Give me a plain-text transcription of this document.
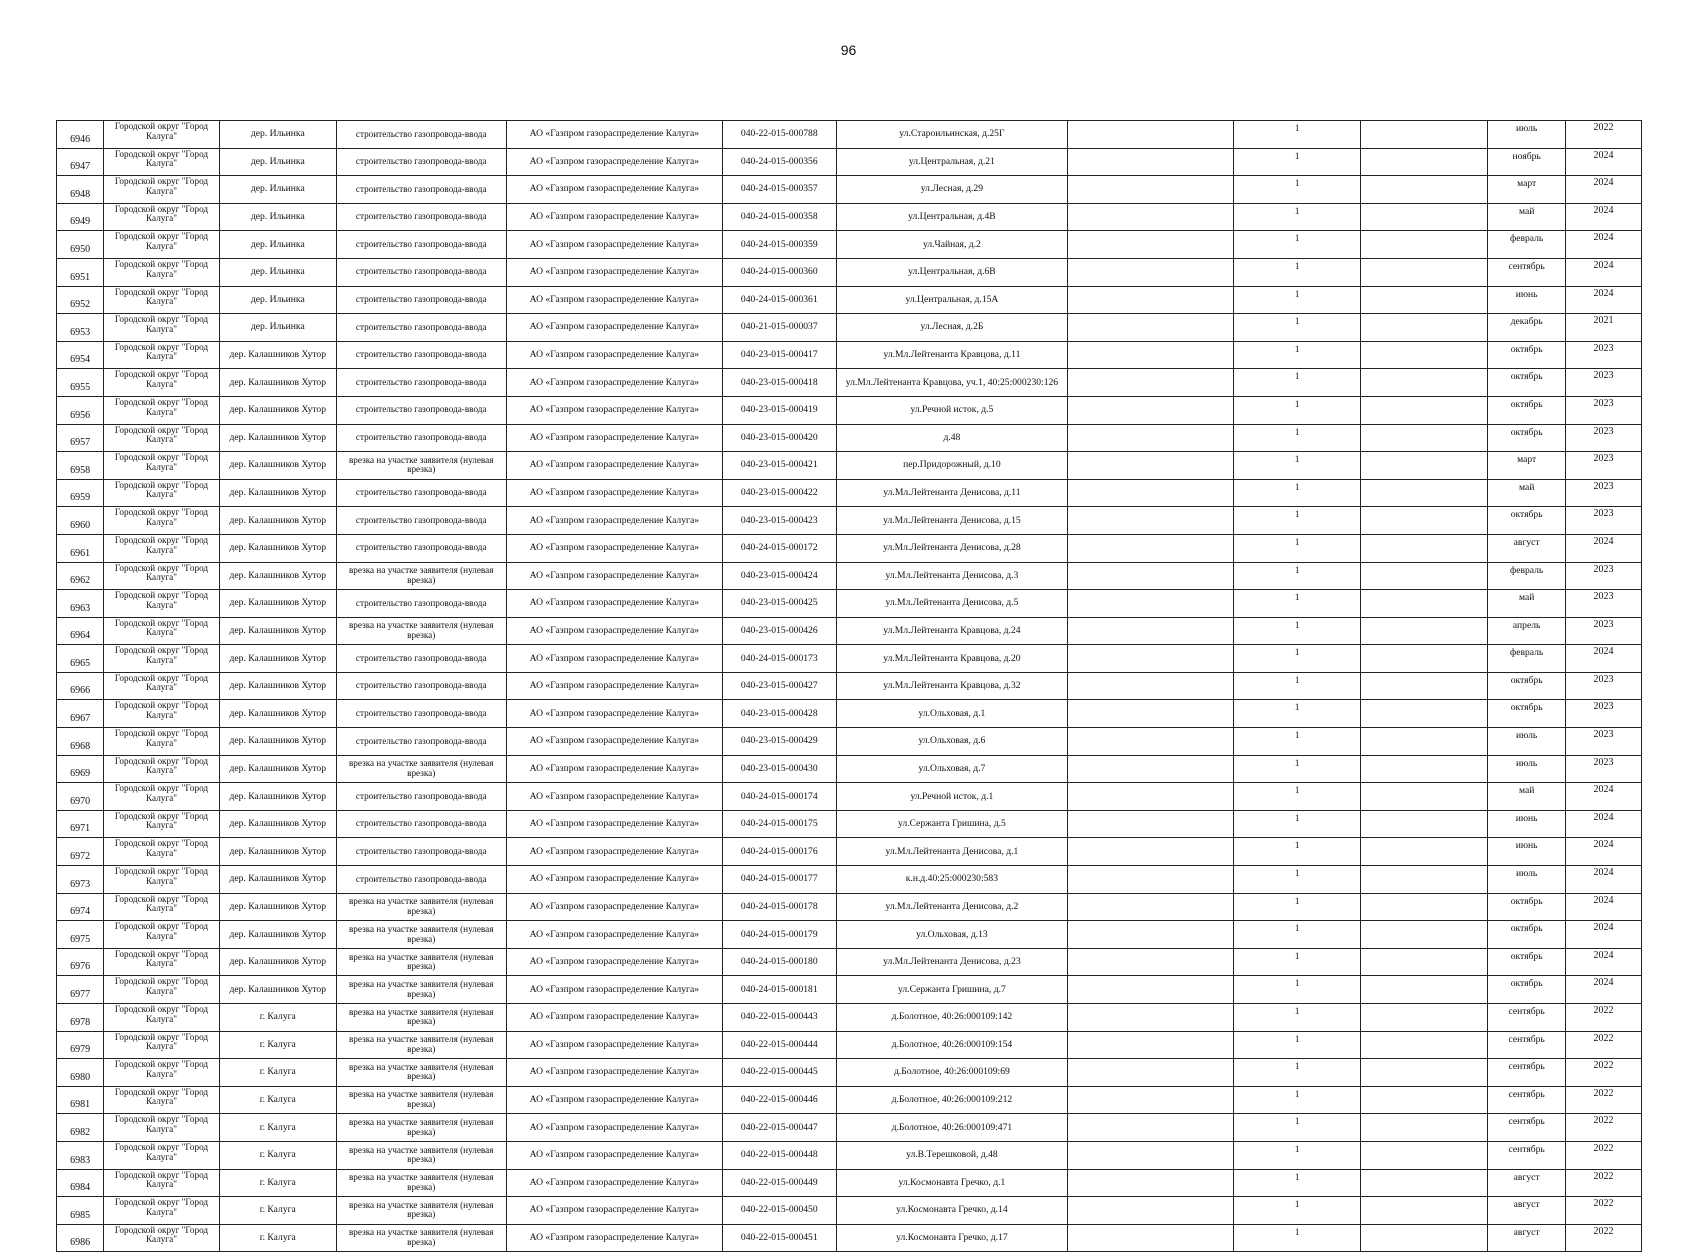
96
6946	Городской округ "Город Калуга"	дер. Ильинка	строительство газопровода-ввода	АО «Газпром газораспределение Калуга»	040-22-015-000788	ул.Староильинская, д.25Г		1		июль	2022
6947	Городской округ "Город Калуга"	дер. Ильинка	строительство газопровода-ввода	АО «Газпром газораспределение Калуга»	040-24-015-000356	ул.Центральная, д.21		1		ноябрь	2024
6948	Городской округ "Город Калуга"	дер. Ильинка	строительство газопровода-ввода	АО «Газпром газораспределение Калуга»	040-24-015-000357	ул.Лесная, д.29		1		март	2024
6949	Городской округ "Город Калуга"	дер. Ильинка	строительство газопровода-ввода	АО «Газпром газораспределение Калуга»	040-24-015-000358	ул.Центральная, д.4В		1		май	2024
6950	Городской округ "Город Калуга"	дер. Ильинка	строительство газопровода-ввода	АО «Газпром газораспределение Калуга»	040-24-015-000359	ул.Чайная, д.2		1		февраль	2024
6951	Городской округ "Город Калуга"	дер. Ильинка	строительство газопровода-ввода	АО «Газпром газораспределение Калуга»	040-24-015-000360	ул.Центральная, д.6В		1		сентябрь	2024
6952	Городской округ "Город Калуга"	дер. Ильинка	строительство газопровода-ввода	АО «Газпром газораспределение Калуга»	040-24-015-000361	ул.Центральная, д.15А		1		июнь	2024
6953	Городской округ "Город Калуга"	дер. Ильинка	строительство газопровода-ввода	АО «Газпром газораспределение Калуга»	040-21-015-000037	ул.Лесная, д.2Б		1		декабрь	2021
6954	Городской округ "Город Калуга"	дер. Калашников Хутор	строительство газопровода-ввода	АО «Газпром газораспределение Калуга»	040-23-015-000417	ул.Мл.Лейтенанта Кравцова, д.11		1		октябрь	2023
6955	Городской округ "Город Калуга"	дер. Калашников Хутор	строительство газопровода-ввода	АО «Газпром газораспределение Калуга»	040-23-015-000418	ул.Мл.Лейтенанта Кравцова, уч.1, 40:25:000230:126		1		октябрь	2023
6956	Городской округ "Город Калуга"	дер. Калашников Хутор	строительство газопровода-ввода	АО «Газпром газораспределение Калуга»	040-23-015-000419	ул.Речной исток, д.5		1		октябрь	2023
6957	Городской округ "Город Калуга"	дер. Калашников Хутор	строительство газопровода-ввода	АО «Газпром газораспределение Калуга»	040-23-015-000420	д.48		1		октябрь	2023
6958	Городской округ "Город Калуга"	дер. Калашников Хутор	врезка на участке заявителя (нулевая врезка)	АО «Газпром газораспределение Калуга»	040-23-015-000421	пер.Придорожный, д.10		1		март	2023
6959	Городской округ "Город Калуга"	дер. Калашников Хутор	строительство газопровода-ввода	АО «Газпром газораспределение Калуга»	040-23-015-000422	ул.Мл.Лейтенанта Денисова, д.11		1		май	2023
6960	Городской округ "Город Калуга"	дер. Калашников Хутор	строительство газопровода-ввода	АО «Газпром газораспределение Калуга»	040-23-015-000423	ул.Мл.Лейтенанта Денисова, д.15		1		октябрь	2023
6961	Городской округ "Город Калуга"	дер. Калашников Хутор	строительство газопровода-ввода	АО «Газпром газораспределение Калуга»	040-24-015-000172	ул.Мл.Лейтенанта Денисова, д.28		1		август	2024
6962	Городской округ "Город Калуга"	дер. Калашников Хутор	врезка на участке заявителя (нулевая врезка)	АО «Газпром газораспределение Калуга»	040-23-015-000424	ул.Мл.Лейтенанта Денисова, д.3		1		февраль	2023
6963	Городской округ "Город Калуга"	дер. Калашников Хутор	строительство газопровода-ввода	АО «Газпром газораспределение Калуга»	040-23-015-000425	ул.Мл.Лейтенанта Денисова, д.5		1		май	2023
6964	Городской округ "Город Калуга"	дер. Калашников Хутор	врезка на участке заявителя (нулевая врезка)	АО «Газпром газораспределение Калуга»	040-23-015-000426	ул.Мл.Лейтенанта Кравцова, д.24		1		апрель	2023
6965	Городской округ "Город Калуга"	дер. Калашников Хутор	строительство газопровода-ввода	АО «Газпром газораспределение Калуга»	040-24-015-000173	ул.Мл.Лейтенанта Кравцова, д.20		1		февраль	2024
6966	Городской округ "Город Калуга"	дер. Калашников Хутор	строительство газопровода-ввода	АО «Газпром газораспределение Калуга»	040-23-015-000427	ул.Мл.Лейтенанта Кравцова, д.32		1		октябрь	2023
6967	Городской округ "Город Калуга"	дер. Калашников Хутор	строительство газопровода-ввода	АО «Газпром газораспределение Калуга»	040-23-015-000428	ул.Ольховая, д.1		1		октябрь	2023
6968	Городской округ "Город Калуга"	дер. Калашников Хутор	строительство газопровода-ввода	АО «Газпром газораспределение Калуга»	040-23-015-000429	ул.Ольховая, д.6		1		июль	2023
6969	Городской округ "Город Калуга"	дер. Калашников Хутор	врезка на участке заявителя (нулевая врезка)	АО «Газпром газораспределение Калуга»	040-23-015-000430	ул.Ольховая, д.7		1		июль	2023
6970	Городской округ "Город Калуга"	дер. Калашников Хутор	строительство газопровода-ввода	АО «Газпром газораспределение Калуга»	040-24-015-000174	ул.Речной исток, д.1		1		май	2024
6971	Городской округ "Город Калуга"	дер. Калашников Хутор	строительство газопровода-ввода	АО «Газпром газораспределение Калуга»	040-24-015-000175	ул.Сержанта Гришина, д.5		1		июнь	2024
6972	Городской округ "Город Калуга"	дер. Калашников Хутор	строительство газопровода-ввода	АО «Газпром газораспределение Калуга»	040-24-015-000176	ул.Мл.Лейтенанта Денисова, д.1		1		июнь	2024
6973	Городской округ "Город Калуга"	дер. Калашников Хутор	строительство газопровода-ввода	АО «Газпром газораспределение Калуга»	040-24-015-000177	к.н.д.40:25:000230:583		1		июль	2024
6974	Городской округ "Город Калуга"	дер. Калашников Хутор	врезка на участке заявителя (нулевая врезка)	АО «Газпром газораспределение Калуга»	040-24-015-000178	ул.Мл.Лейтенанта Денисова, д.2		1		октябрь	2024
6975	Городской округ "Город Калуга"	дер. Калашников Хутор	врезка на участке заявителя (нулевая врезка)	АО «Газпром газораспределение Калуга»	040-24-015-000179	ул.Ольховая, д.13		1		октябрь	2024
6976	Городской округ "Город Калуга"	дер. Калашников Хутор	врезка на участке заявителя (нулевая врезка)	АО «Газпром газораспределение Калуга»	040-24-015-000180	ул.Мл.Лейтенанта Денисова, д.23		1		октябрь	2024
6977	Городской округ "Город Калуга"	дер. Калашников Хутор	врезка на участке заявителя (нулевая врезка)	АО «Газпром газораспределение Калуга»	040-24-015-000181	ул.Сержанта Гришина, д.7		1		октябрь	2024
6978	Городской округ "Город Калуга"	г. Калуга	врезка на участке заявителя (нулевая врезка)	АО «Газпром газораспределение Калуга»	040-22-015-000443	д.Болотное, 40:26:000109:142		1		сентябрь	2022
6979	Городской округ "Город Калуга"	г. Калуга	врезка на участке заявителя (нулевая врезка)	АО «Газпром газораспределение Калуга»	040-22-015-000444	д.Болотное, 40:26:000109:154		1		сентябрь	2022
6980	Городской округ "Город Калуга"	г. Калуга	врезка на участке заявителя (нулевая врезка)	АО «Газпром газораспределение Калуга»	040-22-015-000445	д.Болотное, 40:26:000109:69		1		сентябрь	2022
6981	Городской округ "Город Калуга"	г. Калуга	врезка на участке заявителя (нулевая врезка)	АО «Газпром газораспределение Калуга»	040-22-015-000446	д.Болотное, 40:26:000109:212		1		сентябрь	2022
6982	Городской округ "Город Калуга"	г. Калуга	врезка на участке заявителя (нулевая врезка)	АО «Газпром газораспределение Калуга»	040-22-015-000447	д.Болотное, 40:26:000109:471		1		сентябрь	2022
6983	Городской округ "Город Калуга"	г. Калуга	врезка на участке заявителя (нулевая врезка)	АО «Газпром газораспределение Калуга»	040-22-015-000448	ул.В.Терешковой, д.48		1		сентябрь	2022
6984	Городской округ "Город Калуга"	г. Калуга	врезка на участке заявителя (нулевая врезка)	АО «Газпром газораспределение Калуга»	040-22-015-000449	ул.Космонавта Гречко, д.1		1		август	2022
6985	Городской округ "Город Калуга"	г. Калуга	врезка на участке заявителя (нулевая врезка)	АО «Газпром газораспределение Калуга»	040-22-015-000450	ул.Космонавта Гречко, д.14		1		август	2022
6986	Городской округ "Город Калуга"	г. Калуга	врезка на участке заявителя (нулевая врезка)	АО «Газпром газораспределение Калуга»	040-22-015-000451	ул.Космонавта Гречко, д.17		1		август	2022
